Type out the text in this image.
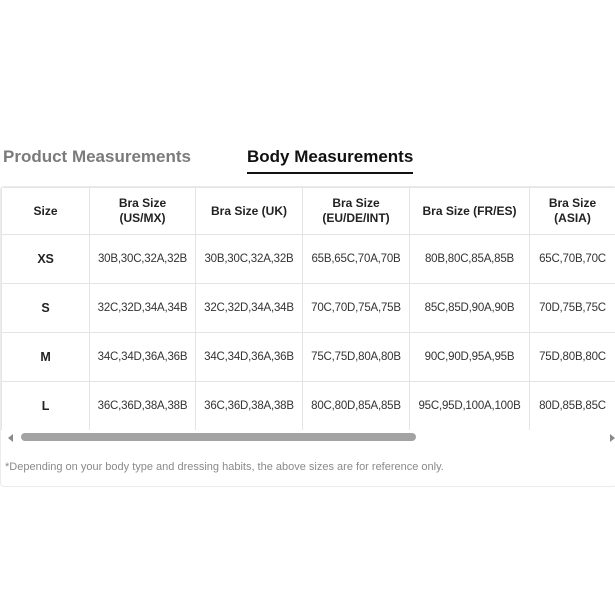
Product Measurements	Body Measurements
Size	Bra Size (US/MX)	Bra Size (UK)	Bra Size (EU/DE/INT)	Bra Size (FR/ES)	Bra Size (ASIA)
XS	30B,30C,32A,32B	30B,30C,32A,32B	65B,65C,70A,70B	80B,80C,85A,85B	65C,70B,70C
S	32C,32D,34A,34B	32C,32D,34A,34B	70C,70D,75A,75B	85C,85D,90A,90B	70D,75B,75C
M	34C,34D,36A,36B	34C,34D,36A,36B	75C,75D,80A,80B	90C,90D,95A,95B	75D,80B,80C
L	36C,36D,38A,38B	36C,36D,38A,38B	80C,80D,85A,85B	95C,95D,100A,100B	80D,85B,85C
*Depending on your body type and dressing habits, the above sizes are for reference only.
